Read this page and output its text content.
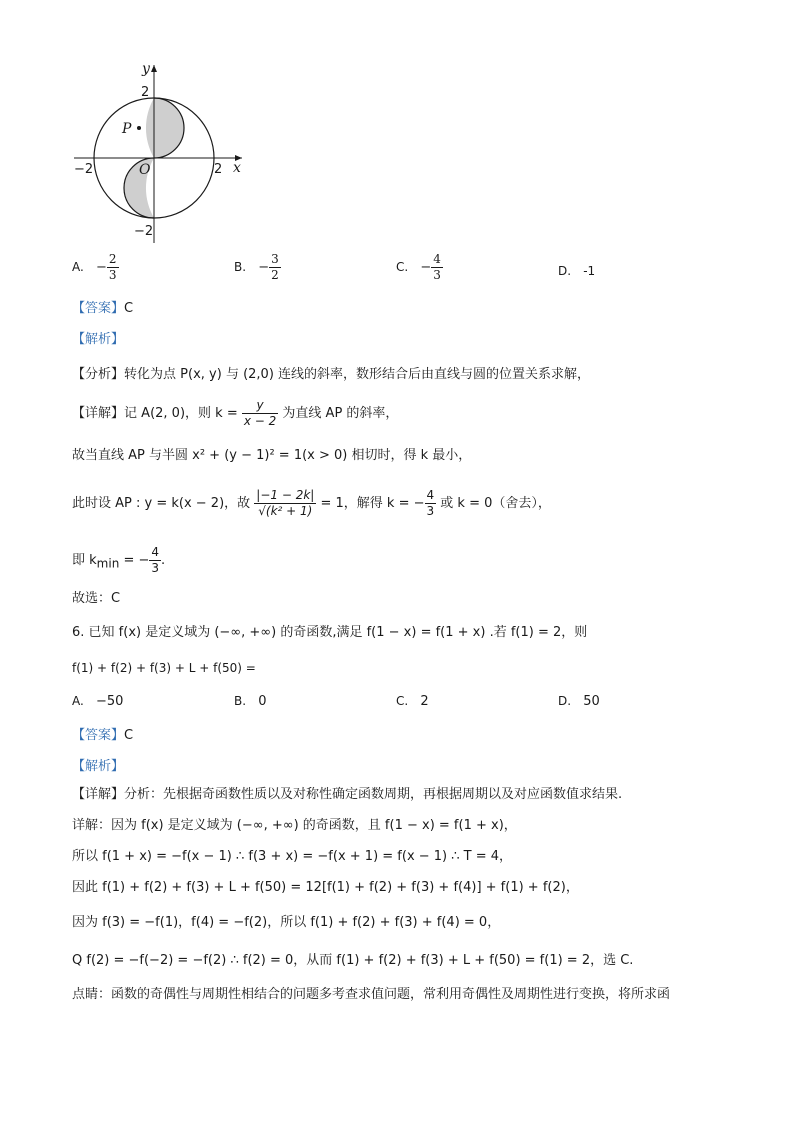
y
x
2
−2
−2	2
O
P
A. − $\frac{2}{3}$	B. − $\frac{3}{2}$	C. − $\frac{4}{3}$	D. -1
【答案】C
【解析】
【分析】转化为点 P(x, y) 与 (2,0) 连线的斜率，数形结合后由直线与圆的位置关系求解，
【详解】记 A(2, 0)，则 $k = \frac{y}{x - 2}$ 为直线 AP 的斜率，
故当直线 AP 与半圆 x² + (y − 1)² = 1(x > 0) 相切时，得 k 最小，
此时设 AP : y = k(x − 2)，故 $\frac{|-1 - 2k|}{\text{√(k² + 1)}} = 1$，解得 k = − $\frac{4}{3}$ 或 k = 0（舍去），
即 $k_{min}$ = − $\frac{4}{3}$ .
故选：C
6. 已知 f(x) 是定义域为 (−∞, +∞) 的奇函数,满足 f(1 − x) = f(1 + x) .若 f(1) = 2，则
f(1) + f(2) + f(3) + L + f(50) =
A. −50	B. 0	C. 2	D. 50
【答案】C
【解析】
【详解】分析：先根据奇函数性质以及对称性确定函数周期，再根据周期以及对应函数值求结果.
详解：因为 f(x) 是定义域为 (−∞, +∞) 的奇函数，且 f(1 − x) = f(1 + x)，
所以 f(1 + x) = −f(x − 1) ∴ f(3 + x) = −f(x + 1) = f(x − 1) ∴ T = 4，
因此 f(1) + f(2) + f(3) + L + f(50) = 12[f(1) + f(2) + f(3) + f(4)] + f(1) + f(2)，
因为 f(3) = −f(1)，f(4) = −f(2)，所以 f(1) + f(2) + f(3) + f(4) = 0，
Q f(2) = −f(−2) = −f(2) ∴ f(2) = 0，从而 f(1) + f(2) + f(3) + L + f(50) = f(1) = 2，选 C.
点睛：函数的奇偶性与周期性相结合的问题多考查求值问题，常利用奇偶性及周期性进行变换，将所求函
